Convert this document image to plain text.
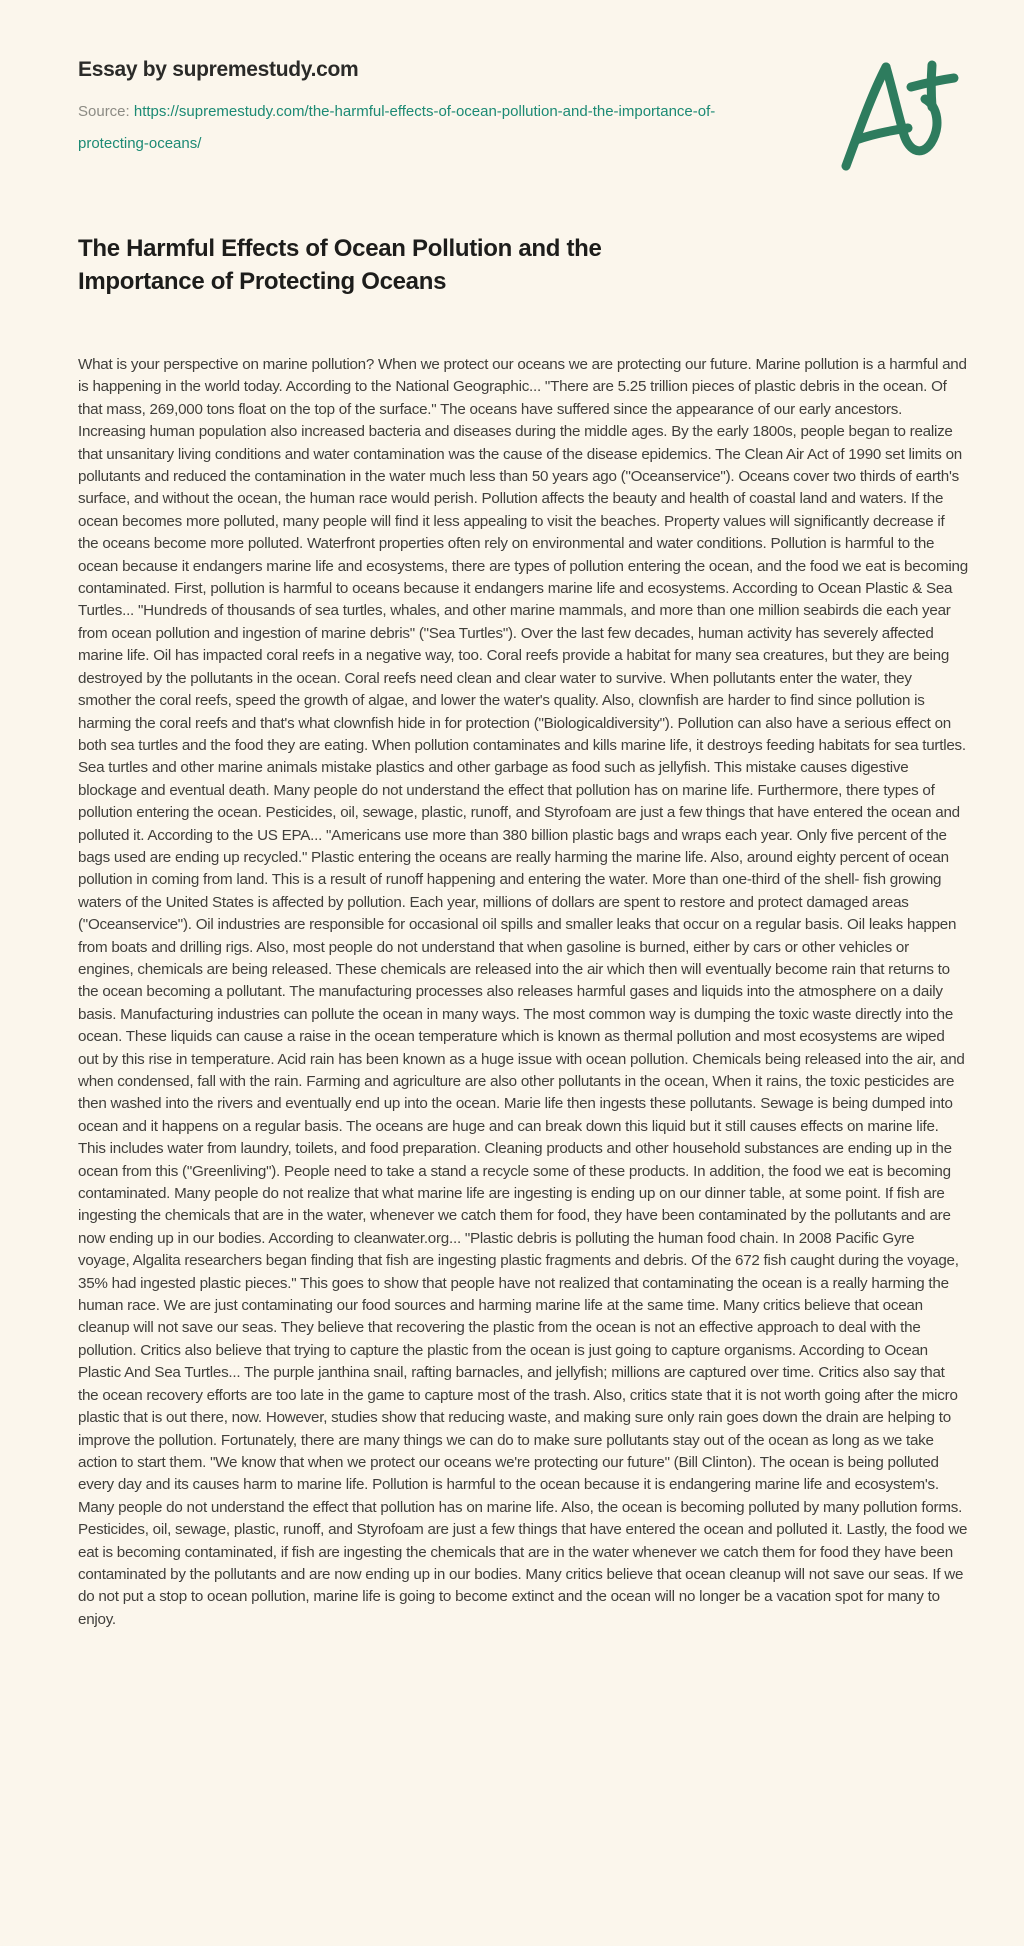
Essay by supremestudy.com

Source: https://supremestudy.com/the-harmful-effects-of-ocean-pollution-and-the-importance-of-protecting-oceans/

The Harmful Effects of Ocean Pollution and the Importance of Protecting Oceans

What is your perspective on marine pollution? When we protect our oceans we are protecting our future. Marine pollution is a harmful and is happening in the world today. According to the National Geographic... "There are 5.25 trillion pieces of plastic debris in the ocean. Of that mass, 269,000 tons float on the top of the surface." The oceans have suffered since the appearance of our early ancestors. Increasing human population also increased bacteria and diseases during the middle ages. By the early 1800s, people began to realize that unsanitary living conditions and water contamination was the cause of the disease epidemics. The Clean Air Act of 1990 set limits on pollutants and reduced the contamination in the water much less than 50 years ago ("Oceanservice"). Oceans cover two thirds of earth's surface, and without the ocean, the human race would perish. Pollution affects the beauty and health of coastal land and waters. If the ocean becomes more polluted, many people will find it less appealing to visit the beaches. Property values will significantly decrease if the oceans become more polluted. Waterfront properties often rely on environmental and water conditions. Pollution is harmful to the ocean because it endangers marine life and ecosystems, there are types of pollution entering the ocean, and the food we eat is becoming contaminated. First, pollution is harmful to oceans because it endangers marine life and ecosystems. According to Ocean Plastic & Sea Turtles... "Hundreds of thousands of sea turtles, whales, and other marine mammals, and more than one million seabirds die each year from ocean pollution and ingestion of marine debris" ("Sea Turtles"). Over the last few decades, human activity has severely affected marine life. Oil has impacted coral reefs in a negative way, too. Coral reefs provide a habitat for many sea creatures, but they are being destroyed by the pollutants in the ocean. Coral reefs need clean and clear water to survive. When pollutants enter the water, they smother the coral reefs, speed the growth of algae, and lower the water's quality. Also, clownfish are harder to find since pollution is harming the coral reefs and that's what clownfish hide in for protection ("Biologicaldiversity"). Pollution can also have a serious effect on both sea turtles and the food they are eating. When pollution contaminates and kills marine life, it destroys feeding habitats for sea turtles. Sea turtles and other marine animals mistake plastics and other garbage as food such as jellyfish. This mistake causes digestive blockage and eventual death. Many people do not understand the effect that pollution has on marine life. Furthermore, there types of pollution entering the ocean. Pesticides, oil, sewage, plastic, runoff, and Styrofoam are just a few things that have entered the ocean and polluted it. According to the US EPA... "Americans use more than 380 billion plastic bags and wraps each year. Only five percent of the bags used are ending up recycled." Plastic entering the oceans are really harming the marine life. Also, around eighty percent of ocean pollution in coming from land. This is a result of runoff happening and entering the water. More than one-third of the shell- fish growing waters of the United States is affected by pollution. Each year, millions of dollars are spent to restore and protect damaged areas ("Oceanservice"). Oil industries are responsible for occasional oil spills and smaller leaks that occur on a regular basis. Oil leaks happen from boats and drilling rigs. Also, most people do not understand that when gasoline is burned, either by cars or other vehicles or engines, chemicals are being released. These chemicals are released into the air which then will eventually become rain that returns to the ocean becoming a pollutant. The manufacturing processes also releases harmful gases and liquids into the atmosphere on a daily basis. Manufacturing industries can pollute the ocean in many ways. The most common way is dumping the toxic waste directly into the ocean. These liquids can cause a raise in the ocean temperature which is known as thermal pollution and most ecosystems are wiped out by this rise in temperature. Acid rain has been known as a huge issue with ocean pollution. Chemicals being released into the air, and when condensed, fall with the rain. Farming and agriculture are also other pollutants in the ocean, When it rains, the toxic pesticides are then washed into the rivers and eventually end up into the ocean. Marie life then ingests these pollutants. Sewage is being dumped into ocean and it happens on a regular basis. The oceans are huge and can break down this liquid but it still causes effects on marine life. This includes water from laundry, toilets, and food preparation. Cleaning products and other household substances are ending up in the ocean from this ("Greenliving"). People need to take a stand a recycle some of these products. In addition, the food we eat is becoming contaminated. Many people do not realize that what marine life are ingesting is ending up on our dinner table, at some point. If fish are ingesting the chemicals that are in the water, whenever we catch them for food, they have been contaminated by the pollutants and are now ending up in our bodies. According to cleanwater.org... "Plastic debris is polluting the human food chain. In 2008 Pacific Gyre voyage, Algalita researchers began finding that fish are ingesting plastic fragments and debris. Of the 672 fish caught during the voyage, 35% had ingested plastic pieces." This goes to show that people have not realized that contaminating the ocean is a really harming the human race. We are just contaminating our food sources and harming marine life at the same time. Many critics believe that ocean cleanup will not save our seas. They believe that recovering the plastic from the ocean is not an effective approach to deal with the pollution. Critics also believe that trying to capture the plastic from the ocean is just going to capture organisms. According to Ocean Plastic And Sea Turtles... The purple janthina snail, rafting barnacles, and jellyfish; millions are captured over time. Critics also say that the ocean recovery efforts are too late in the game to capture most of the trash. Also, critics state that it is not worth going after the micro plastic that is out there, now. However, studies show that reducing waste, and making sure only rain goes down the drain are helping to improve the pollution. Fortunately, there are many things we can do to make sure pollutants stay out of the ocean as long as we take action to start them. "We know that when we protect our oceans we're protecting our future" (Bill Clinton). The ocean is being polluted every day and its causes harm to marine life. Pollution is harmful to the ocean because it is endangering marine life and ecosystem's. Many people do not understand the effect that pollution has on marine life. Also, the ocean is becoming polluted by many pollution forms. Pesticides, oil, sewage, plastic, runoff, and Styrofoam are just a few things that have entered the ocean and polluted it. Lastly, the food we eat is becoming contaminated, if fish are ingesting the chemicals that are in the water whenever we catch them for food they have been contaminated by the pollutants and are now ending up in our bodies. Many critics believe that ocean cleanup will not save our seas. If we do not put a stop to ocean pollution, marine life is going to become extinct and the ocean will no longer be a vacation spot for many to enjoy.
